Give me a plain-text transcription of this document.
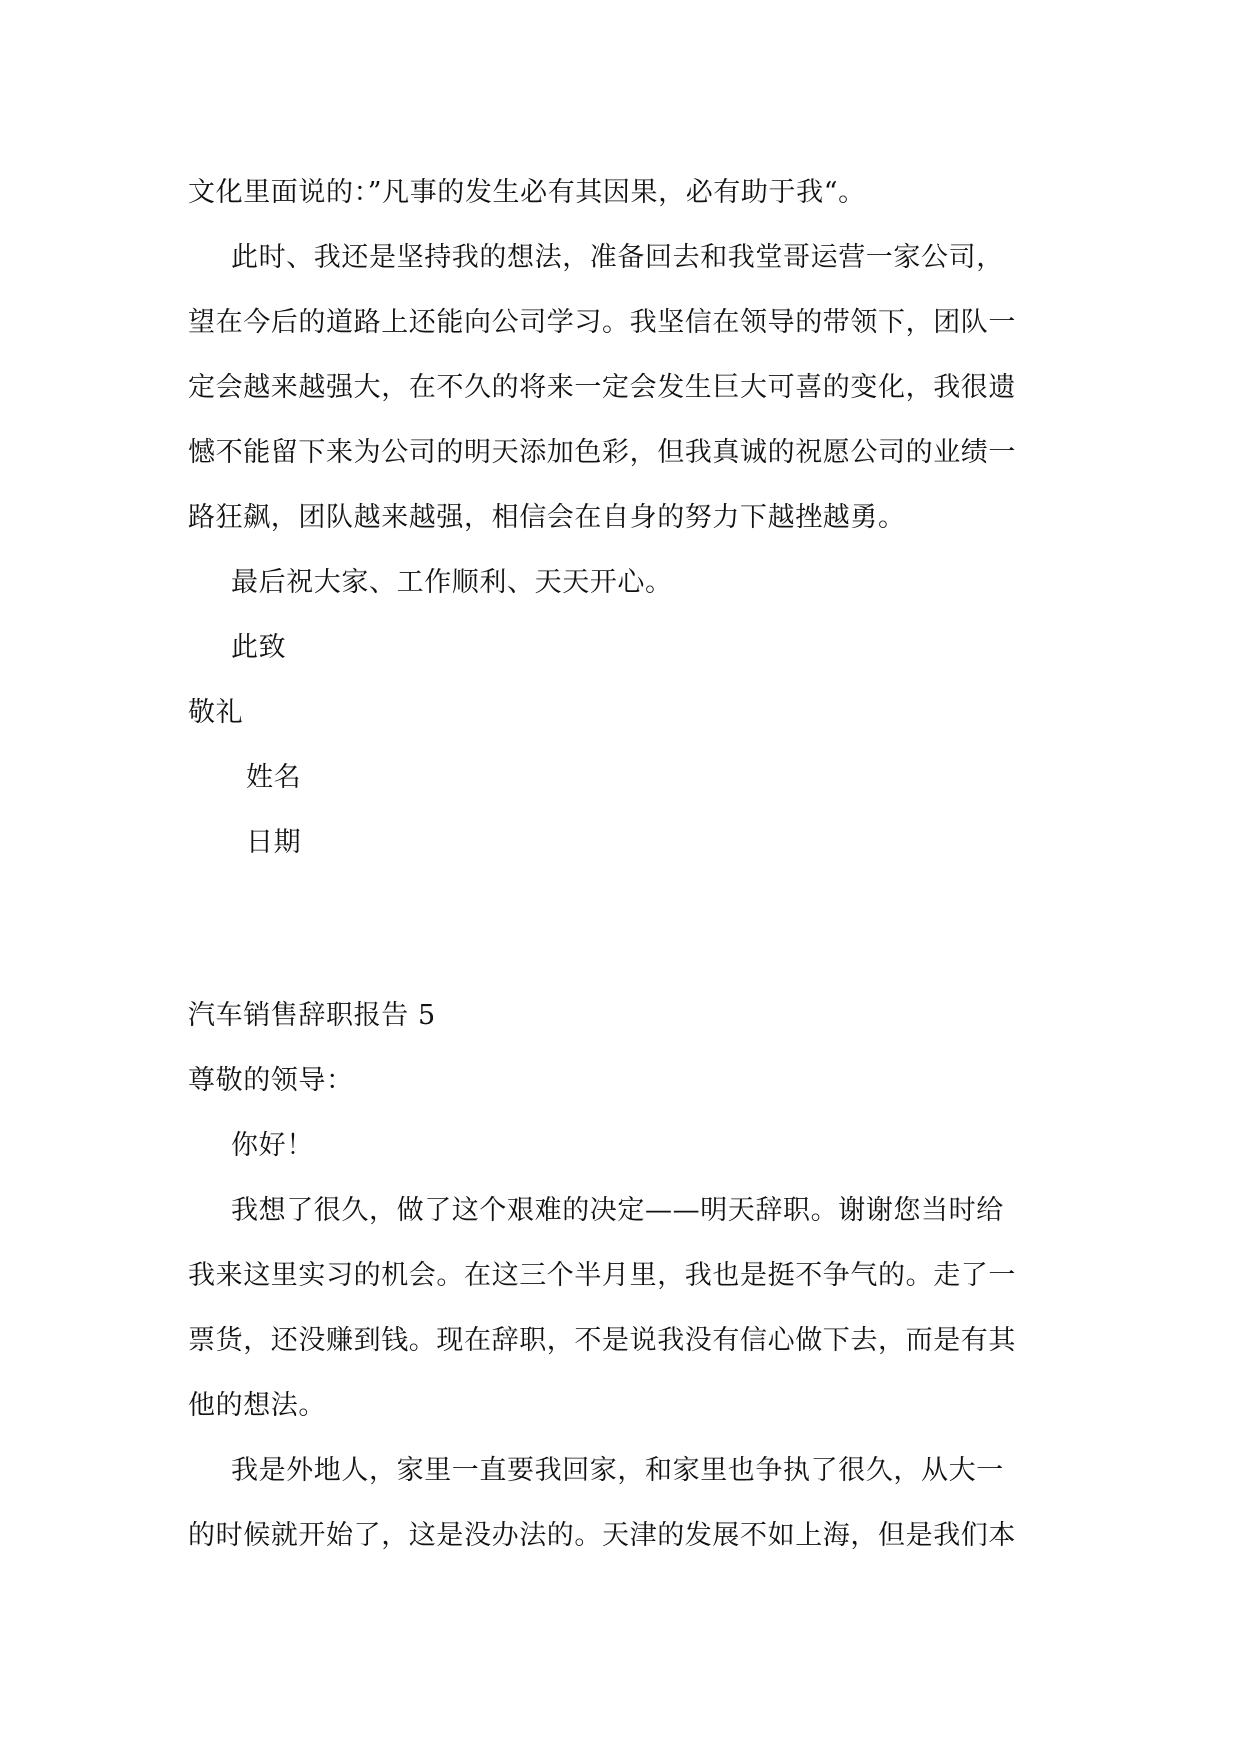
文化里面说的：”凡事的发生必有其因果，必有助于我“。
此时、我还是坚持我的想法，准备回去和我堂哥运营一家公司，
望在今后的道路上还能向公司学习。我坚信在领导的带领下，团队一
定会越来越强大，在不久的将来一定会发生巨大可喜的变化，我很遗
憾不能留下来为公司的明天添加色彩，但我真诚的祝愿公司的业绩一
路狂飙，团队越来越强，相信会在自身的努力下越挫越勇。
最后祝大家、工作顺利、天天开心。
此致
敬礼
姓名
日期
汽车销售辞职报告 5
尊敬的领导：
你好！
我想了很久，做了这个艰难的决定——明天辞职。谢谢您当时给
我来这里实习的机会。在这三个半月里，我也是挺不争气的。走了一
票货，还没赚到钱。现在辞职，不是说我没有信心做下去，而是有其
他的想法。
我是外地人，家里一直要我回家，和家里也争执了很久，从大一
的时候就开始了，这是没办法的。天津的发展不如上海，但是我们本
